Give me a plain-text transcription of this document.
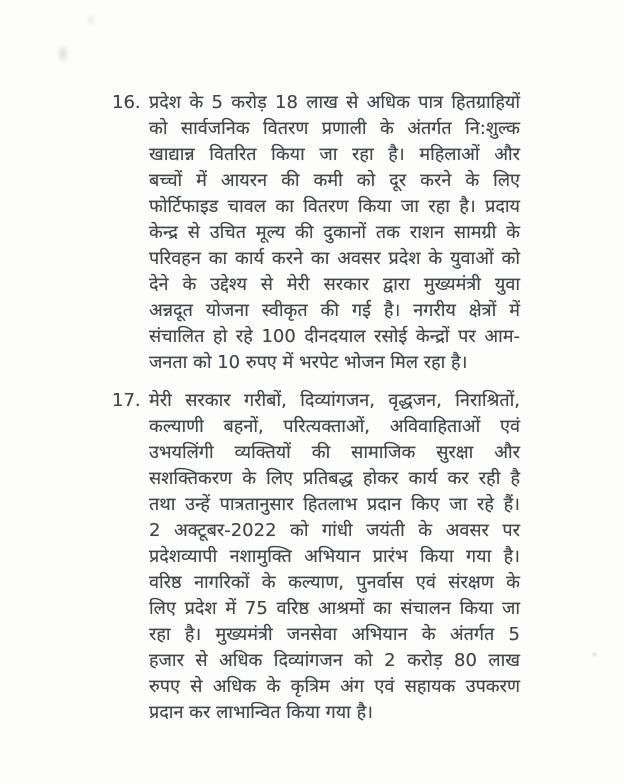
16. प्रदेश के 5 करोड़ 18 लाख से अधिक पात्र हितग्राहियों
को सार्वजनिक वितरण प्रणाली के अंतर्गत नि:शुल्क
खाद्यान्न वितरित किया जा रहा है। महिलाओं और
बच्चों में आयरन की कमी को दूर करने के लिए
फोर्टिफाइड चावल का वितरण किया जा रहा है। प्रदाय
केन्द्र से उचित मूल्य की दुकानों तक राशन सामग्री के
परिवहन का कार्य करने का अवसर प्रदेश के युवाओं को
देने के उद्देश्य से मेरी सरकार द्वारा मुख्यमंत्री युवा
अन्नदूत योजना स्वीकृत की गई है। नगरीय क्षेत्रों में
संचालित हो रहे 100 दीनदयाल रसोई केन्द्रों पर आम-
जनता को 10 रुपए में भरपेट भोजन मिल रहा है।
17. मेरी सरकार गरीबों, दिव्यांगजन, वृद्धजन, निराश्रितों,
कल्याणी बहनों, परित्यक्ताओं, अविवाहिताओं एवं
उभयलिंगी व्यक्तियों की सामाजिक सुरक्षा और
सशक्तिकरण के लिए प्रतिबद्ध होकर कार्य कर रही है
तथा उन्हें पात्रतानुसार हितलाभ प्रदान किए जा रहे हैं।
2 अक्टूबर-2022 को गांधी जयंती के अवसर पर
प्रदेशव्यापी नशामुक्ति अभियान प्रारंभ किया गया है।
वरिष्ठ नागरिकों के कल्याण, पुनर्वास एवं संरक्षण के
लिए प्रदेश में 75 वरिष्ठ आश्रमों का संचालन किया जा
रहा है। मुख्यमंत्री जनसेवा अभियान के अंतर्गत 5
हजार से अधिक दिव्यांगजन को 2 करोड़ 80 लाख
रुपए से अधिक के कृत्रिम अंग एवं सहायक उपकरण
प्रदान कर लाभान्वित किया गया है।
